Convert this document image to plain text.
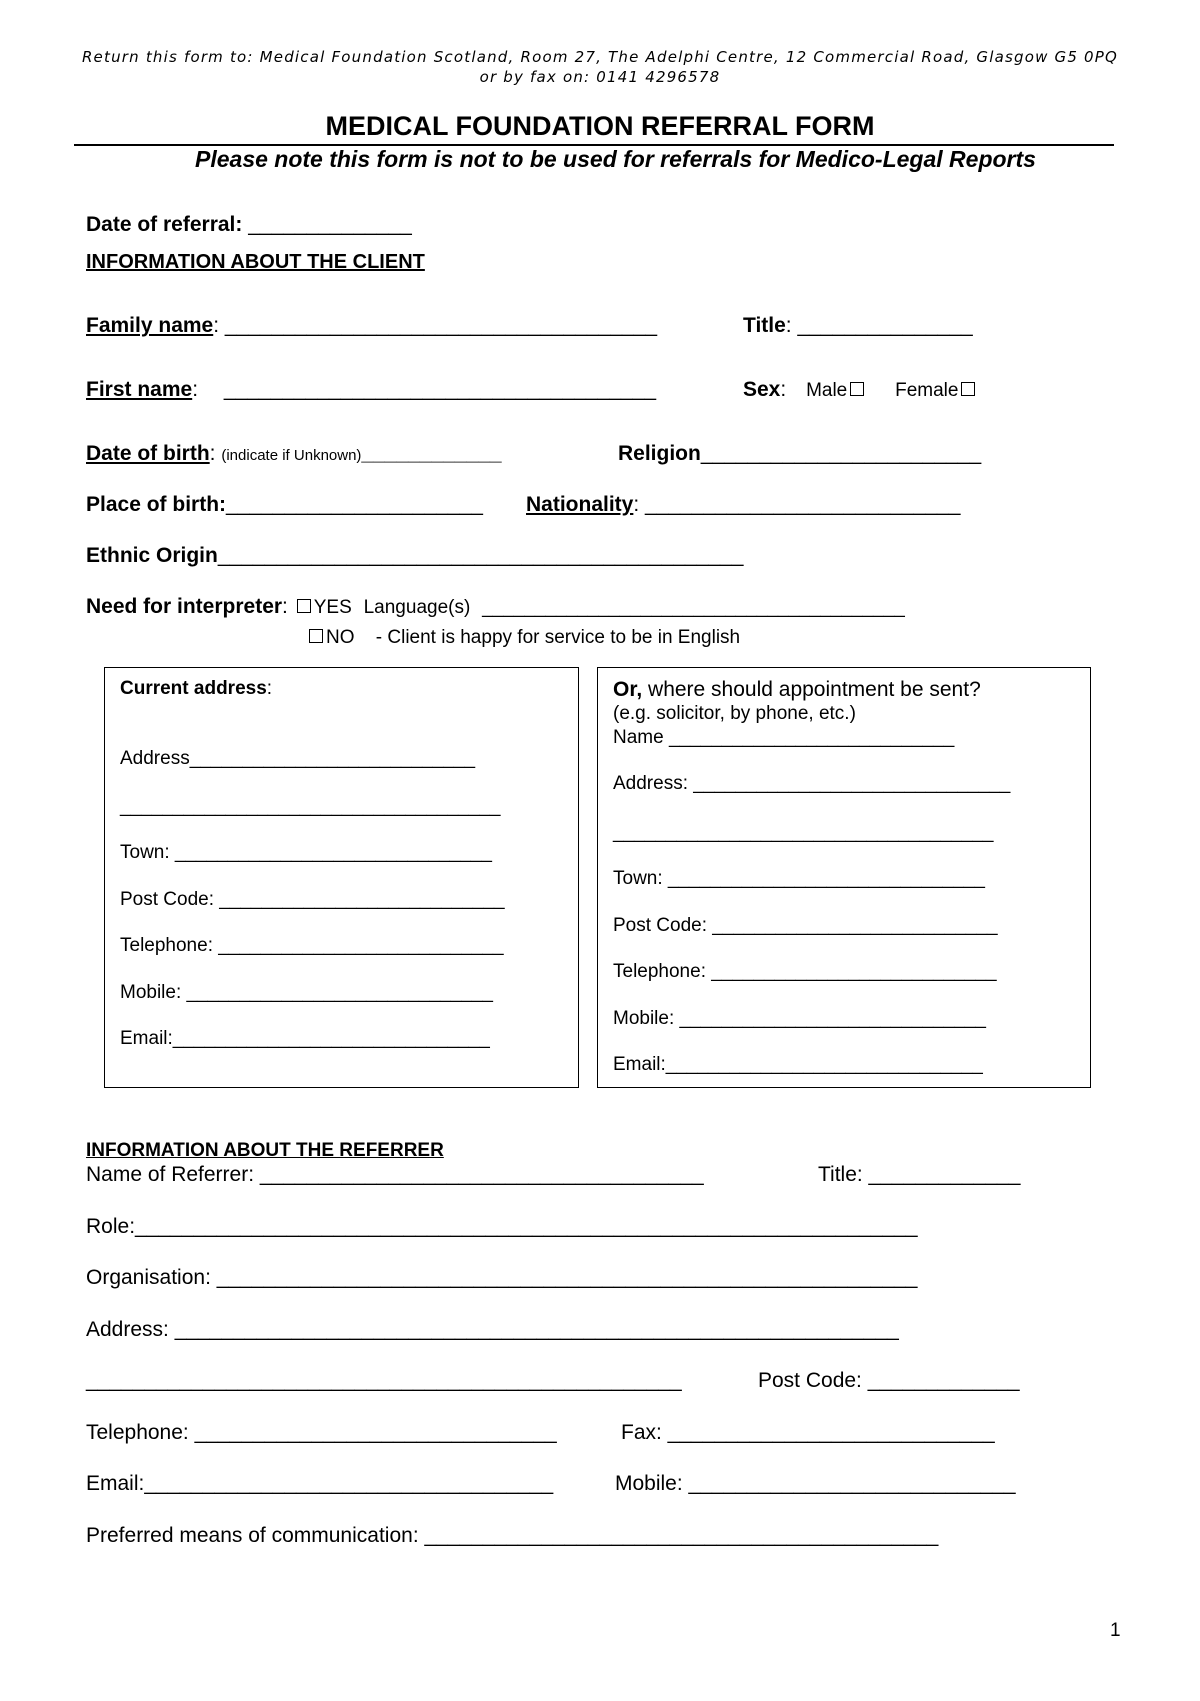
Return this form to: Medical Foundation Scotland, Room 27, The Adelphi Centre, 12 Commercial Road, Glasgow G5 0PQ
or by fax on: 0141 4296578
MEDICAL FOUNDATION REFERRAL FORM
Please note this form is not to be used for referrals for Medico-Legal Reports
Date of referral: ______________
INFORMATION ABOUT THE CLIENT
Family name: _____________________________________	Title: _______________
First name: _____________________________________	Sex: Male	Female
Date of birth: (indicate if Unknown)____________	Religion________________________
Place of birth:______________________ Nationality: ___________________________
Ethnic Origin_____________________________________________
Need for interpreter: YES Language(s) ________________________________________
NO - Client is happy for service to be in English
Current address:
Address___________________________
____________________________________
Town: ______________________________
Post Code: ___________________________
Telephone: ___________________________
Mobile: _____________________________
Email:______________________________
Or, where should appointment be sent?
(e.g. solicitor, by phone, etc.)
Name ___________________________
Address: ______________________________
____________________________________
Town: ______________________________
Post Code: ___________________________
Telephone: ___________________________
Mobile: _____________________________
Email:______________________________
INFORMATION ABOUT THE REFERRER
Name of Referrer: ______________________________________	Title: _____________
Role:___________________________________________________________________
Organisation: ____________________________________________________________
Address: ______________________________________________________________
___________________________________________________	Post Code: _____________
Telephone: _______________________________	Fax: ____________________________
Email:___________________________________	Mobile: ____________________________
Preferred means of communication: ____________________________________________
1
